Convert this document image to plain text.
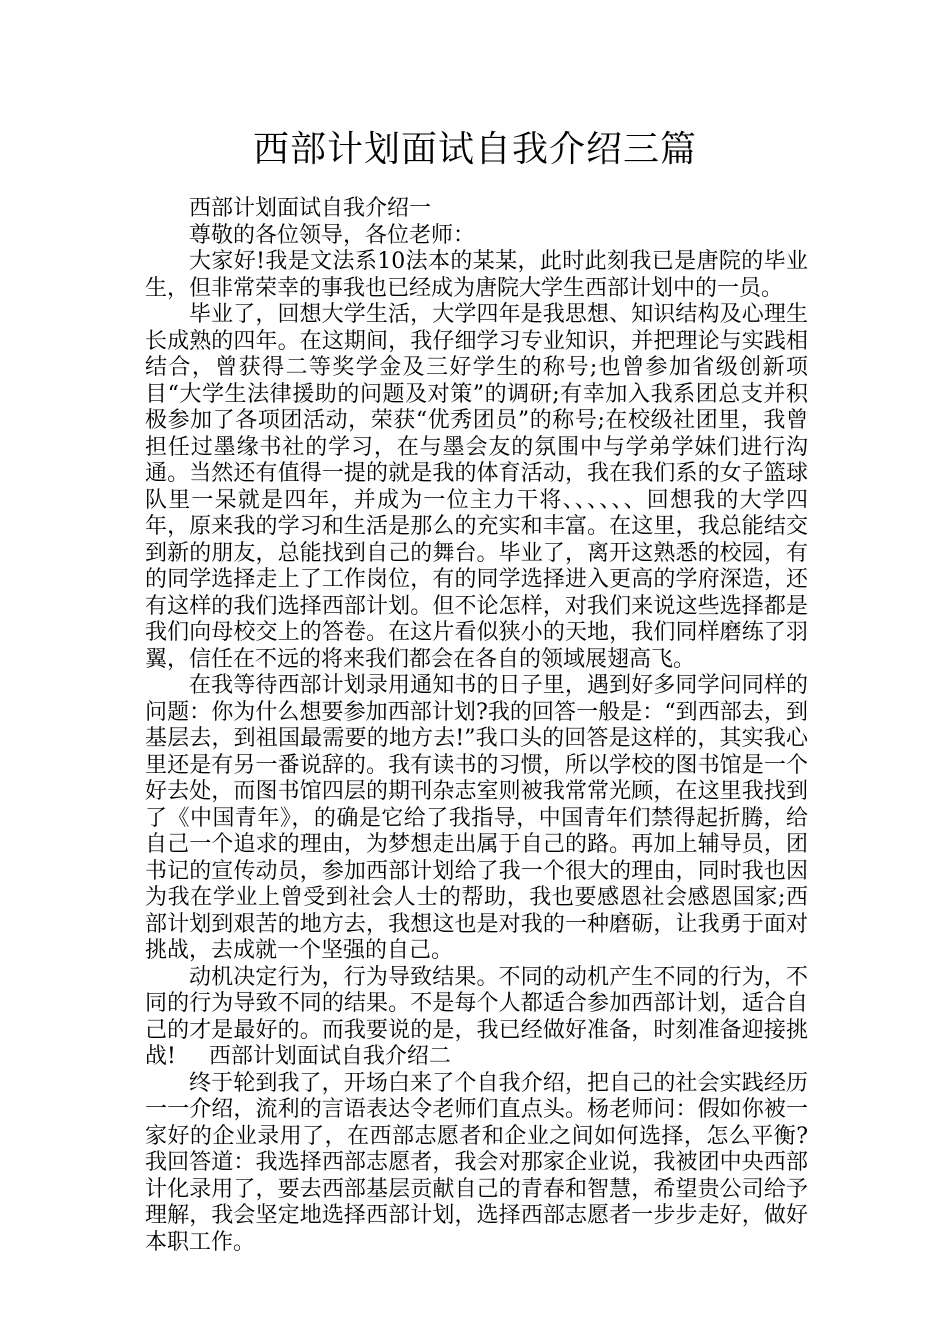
西部计划面试自我介绍三篇

西部计划面试自我介绍一

尊敬的各位领导，各位老师：

大家好!我是文法系10法本的某某，此时此刻我已是唐院的毕业生，但非常荣幸的事我也已经成为唐院大学生西部计划中的一员。

毕业了，回想大学生活，大学四年是我思想、知识结构及心理生长成熟的四年。在这期间，我仔细学习专业知识，并把理论与实践相结合，曾获得二等奖学金及三好学生的称号;也曾参加省级创新项目“大学生法律援助的问题及对策”的调研;有幸加入我系团总支并积极参加了各项团活动，荣获“优秀团员”的称号;在校级社团里，我曾担任过墨缘书社的学习，在与墨会友的氛围中与学弟学妹们进行沟通。当然还有值得一提的就是我的体育活动，我在我们系的女子篮球队里一呆就是四年，并成为一位主力干将、、、、、、回想我的大学四年，原来我的学习和生活是那么的充实和丰富。在这里，我总能结交到新的朋友，总能找到自己的舞台。毕业了，离开这熟悉的校园，有的同学选择走上了工作岗位，有的同学选择进入更高的学府深造，还有这样的我们选择西部计划。但不论怎样，对我们来说这些选择都是我们向母校交上的答卷。在这片看似狭小的天地，我们同样磨练了羽翼，信任在不远的将来我们都会在各自的领域展翅高飞。

在我等待西部计划录用通知书的日子里，遇到好多同学问同样的问题：你为什么想要参加西部计划?我的回答一般是：“到西部去，到基层去，到祖国最需要的地方去!”我口头的回答是这样的，其实我心里还是有另一番说辞的。我有读书的习惯，所以学校的图书馆是一个好去处，而图书馆四层的期刊杂志室则被我常常光顾，在这里我找到了《中国青年》，的确是它给了我指导，中国青年们禁得起折腾，给自己一个追求的理由，为梦想走出属于自己的路。再加上辅导员，团书记的宣传动员，参加西部计划给了我一个很大的理由，同时我也因为我在学业上曾受到社会人士的帮助，我也要感恩社会感恩国家;西部计划到艰苦的地方去，我想这也是对我的一种磨砺，让我勇于面对挑战，去成就一个坚强的自己。

动机决定行为，行为导致结果。不同的动机产生不同的行为，不同的行为导致不同的结果。不是每个人都适合参加西部计划，适合自己的才是最好的。而我要说的是，我已经做好准备，时刻准备迎接挑战! 西部计划面试自我介绍二

终于轮到我了，开场白来了个自我介绍，把自己的社会实践经历一一介绍，流利的言语表达令老师们直点头。杨老师问：假如你被一家好的企业录用了，在西部志愿者和企业之间如何选择，怎么平衡?我回答道：我选择西部志愿者，我会对那家企业说，我被团中央西部计化录用了，要去西部基层贡献自己的青春和智慧，希望贵公司给予理解，我会坚定地选择西部计划，选择西部志愿者一步步走好，做好本职工作。
